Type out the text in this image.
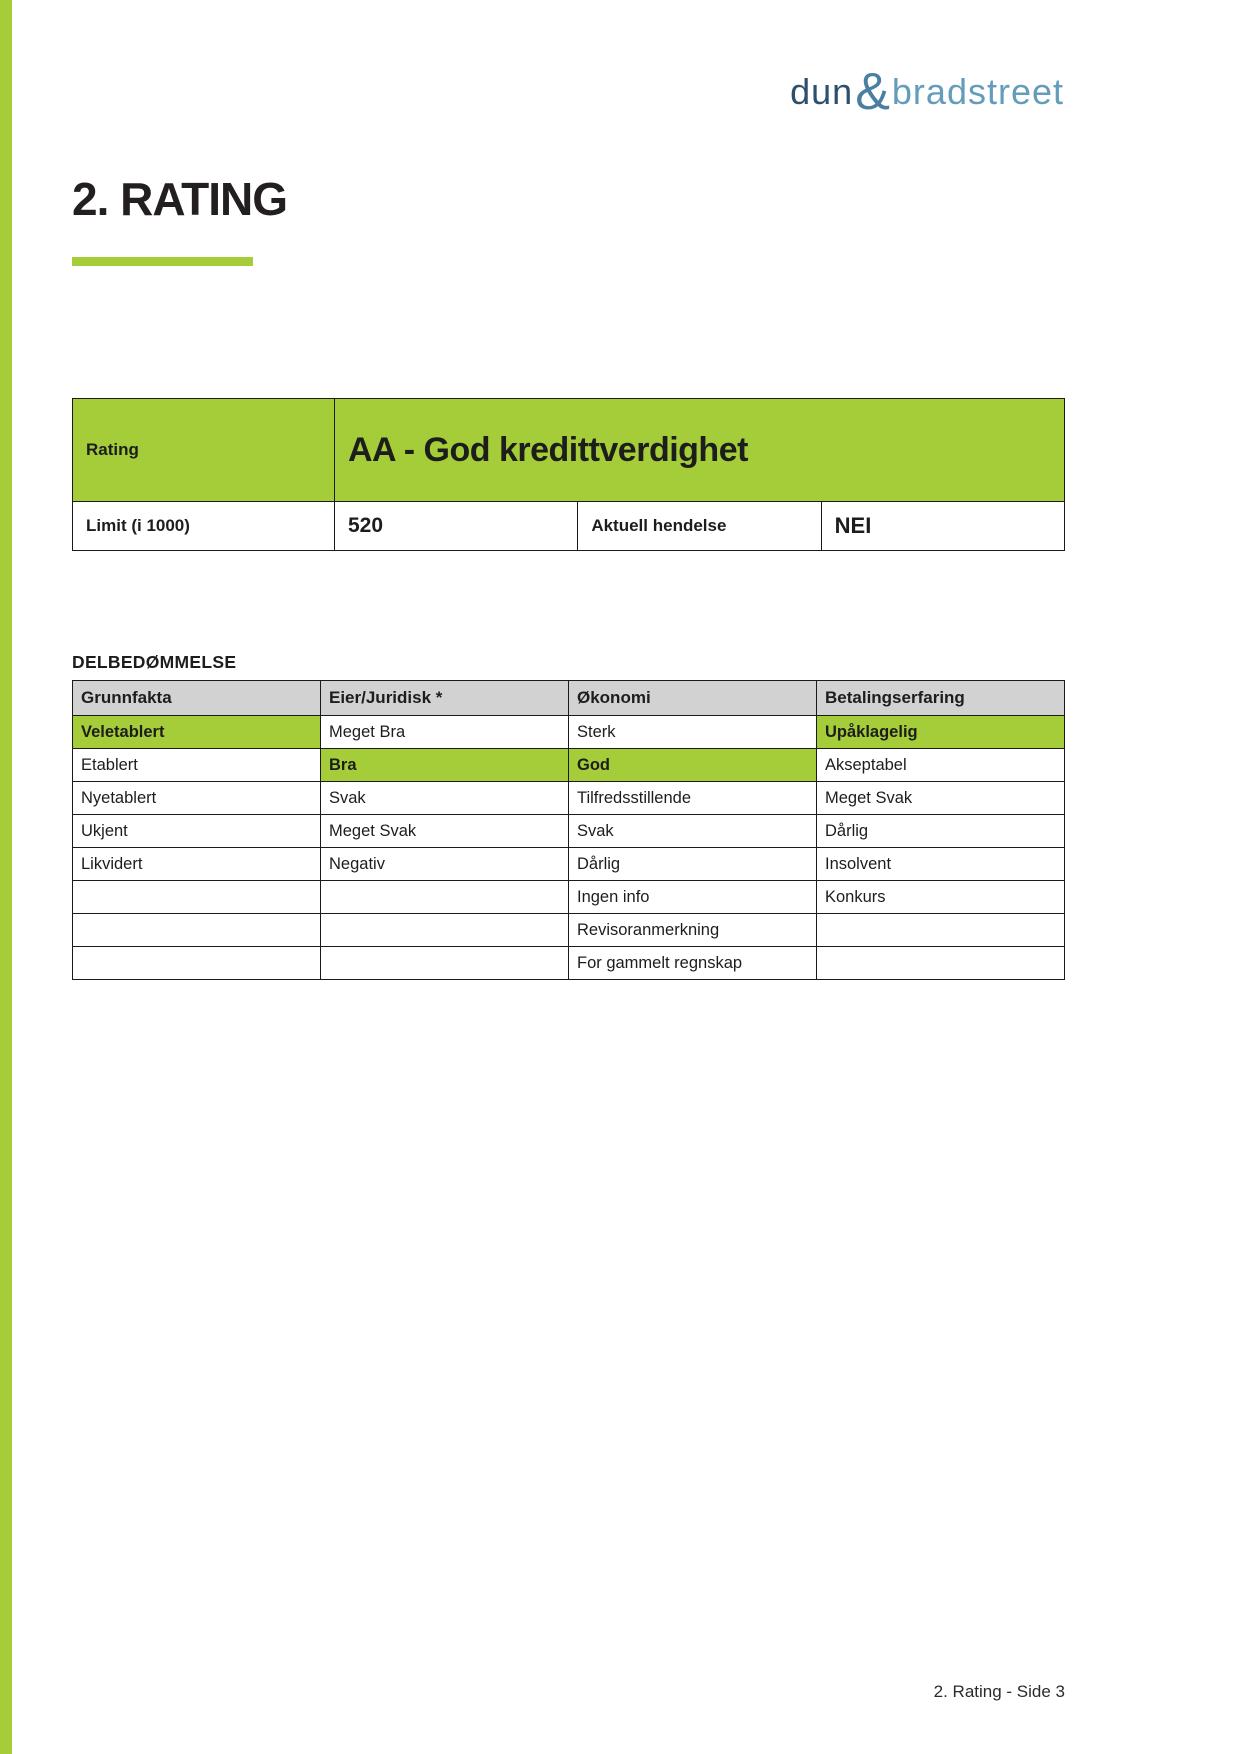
dun & bradstreet
2. RATING
Rating	AA - God kredittverdighet		
Limit (i 1000)	520	Aktuell hendelse	NEI
DELBEDØMMELSE
Grunnfakta	Eier/Juridisk *	Økonomi	Betalingserfaring
Veletablert	Meget Bra	Sterk	Upåklagelig
Etablert	Bra	God	Akseptabel
Nyetablert	Svak	Tilfredsstillende	Meget Svak
Ukjent	Meget Svak	Svak	Dårlig
Likvidert	Negativ	Dårlig	Insolvent
		Ingen info	Konkurs
		Revisoranmerkning	
		For gammelt regnskap	
2. Rating - Side 3
